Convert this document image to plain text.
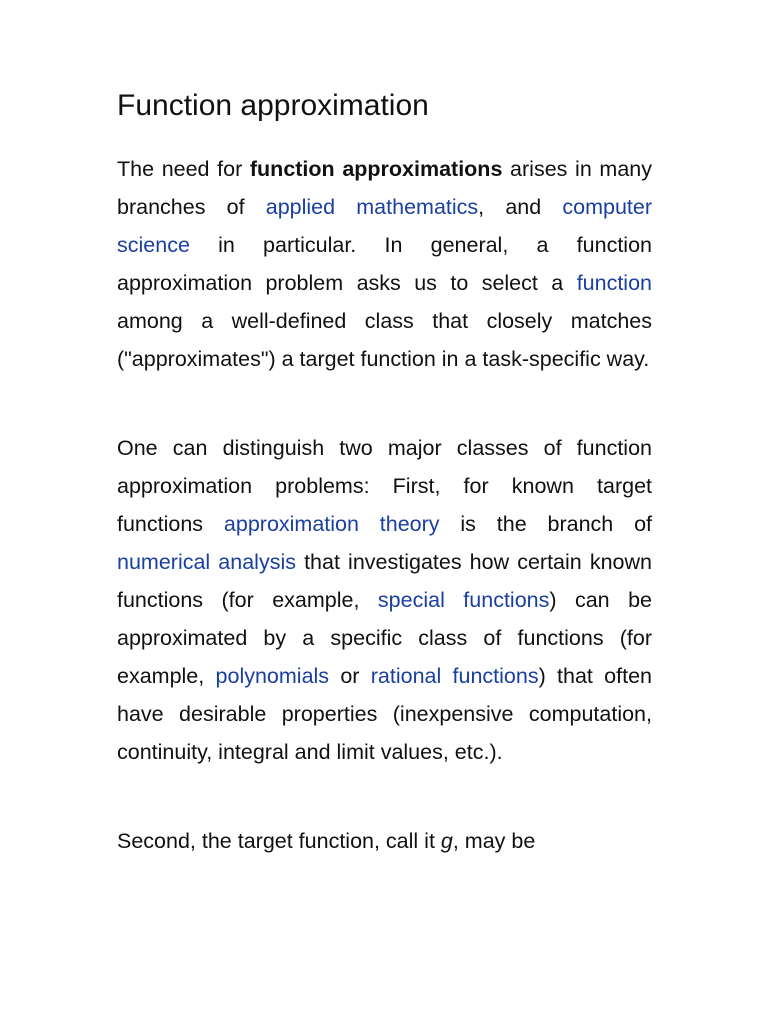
Function approximation

The need for function approximations arises in many branches of applied mathematics, and computer science in particular. In general, a function approximation problem asks us to select a function among a well-defined class that closely matches ("approximates") a target function in a task-specific way.

One can distinguish two major classes of function approximation problems: First, for known target functions approximation theory is the branch of numerical analysis that investigates how certain known functions (for example, special functions) can be approximated by a specific class of functions (for example, polynomials or rational functions) that often have desirable properties (inexpensive computation, continuity, integral and limit values, etc.).

Second, the target function, call it g, may be
